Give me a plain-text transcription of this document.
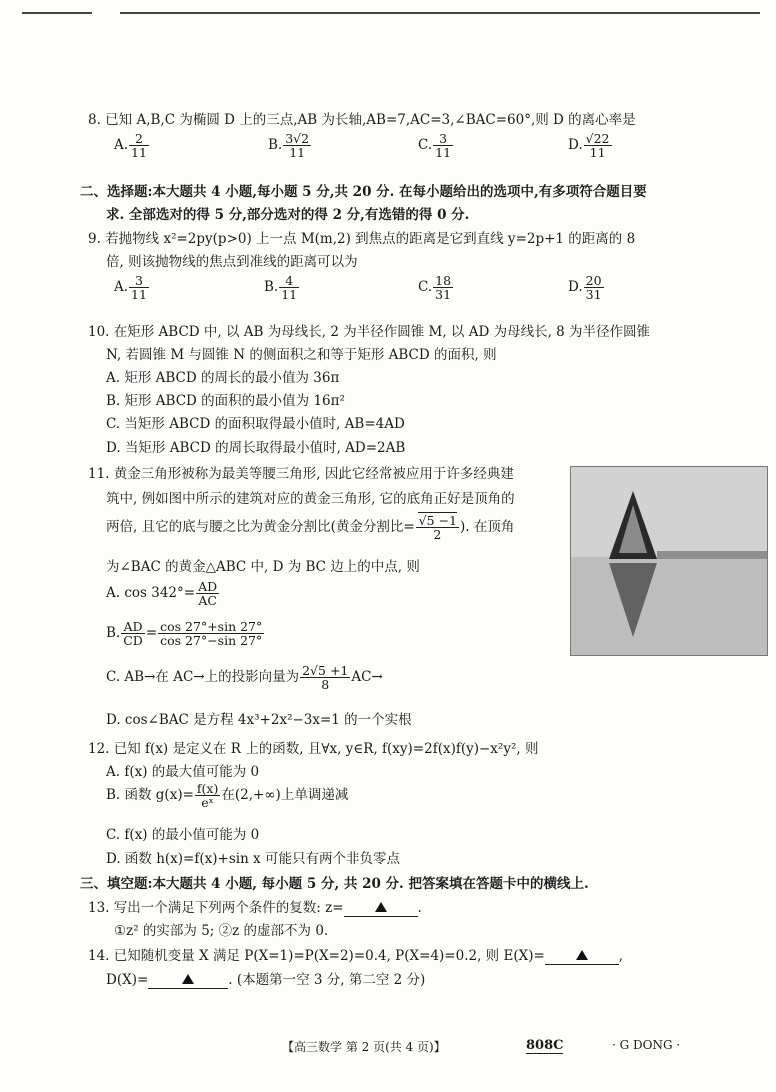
8. 已知 A,B,C 为椭圆 D 上的三点,AB 为长轴,AB=7,AC=3,∠BAC=60°,则 D 的离心率是
A. $\frac{2}{11}$	B. $\frac{3√2}{11}$	C. $\frac{3}{11}$	D. $\frac{√22}{11}$
二、选择题:本大题共 4 小题,每小题 5 分,共 20 分. 在每小题给出的选项中,有多项符合题目要
求. 全部选对的得 5 分,部分选对的得 2 分,有选错的得 0 分.
9. 若抛物线 x²=2py(p>0) 上一点 M(m,2) 到焦点的距离是它到直线 y=2p+1 的距离的 8
倍, 则该抛物线的焦点到准线的距离可以为
A. $\frac{3}{11}$	B. $\frac{4}{11}$	C. $\frac{18}{31}$	D. $\frac{20}{31}$
10. 在矩形 ABCD 中, 以 AB 为母线长, 2 为半径作圆锥 M, 以 AD 为母线长, 8 为半径作圆锥
N, 若圆锥 M 与圆锥 N 的侧面积之和等于矩形 ABCD 的面积, 则
A. 矩形 ABCD 的周长的最小值为 36π
B. 矩形 ABCD 的面积的最小值为 16π²
C. 当矩形 ABCD 的面积取得最小值时, AB=4AD
D. 当矩形 ABCD 的周长取得最小值时, AD=2AB
11. 黄金三角形被称为最美等腰三角形, 因此它经常被应用于许多经典建
筑中, 例如图中所示的建筑对应的黄金三角形, 它的底角正好是顶角的
两倍, 且它的底与腰之比为黄金分割比(黄金分割比= $\frac{√5 -1}{2}$ ). 在顶角
为∠BAC 的黄金△ABC 中, D 为 BC 边上的中点, 则
A. $\cos 342^\circ= \frac{AD}{AC}$
B. $\frac{AD}{CD} = \frac{\cos 27^\circ+\sin 27^\circ}{\cos 27^\circ-\sin 27^\circ}$
C. AB→在 AC→上的投影向量为 $\frac{2√5 +1}{8} AC\to$
D. cos∠BAC 是方程 4x³+2x²−3x=1 的一个实根
12. 已知 f(x) 是定义在 R 上的函数, 且∀x, y∈R, f(xy)=2f(x)f(y)−x²y², 则
A. f(x) 的最大值可能为 0
B. 函数 $g(x)= \frac{f(x)}{\text{eˣ}}$ 在(2,+∞)上单调递减
C. f(x) 的最小值可能为 0
D. 函数 h(x)=f(x)+sin x 可能只有两个非负零点
三、填空题:本大题共 4 小题, 每小题 5 分, 共 20 分. 把答案填在答题卡中的横线上.
13. 写出一个满足下列两个条件的复数: z=	.
①z² 的实部为 5; ②z 的虚部不为 0.
14. 已知随机变量 X 满足 P(X=1)=P(X=2)=0.4, P(X=4)=0.2, 则 E(X)=	,
D(X)=	. (本题第一空 3 分, 第二空 2 分)
【高三数学 第 2 页(共 4 页)】	808C	· G DONG ·
